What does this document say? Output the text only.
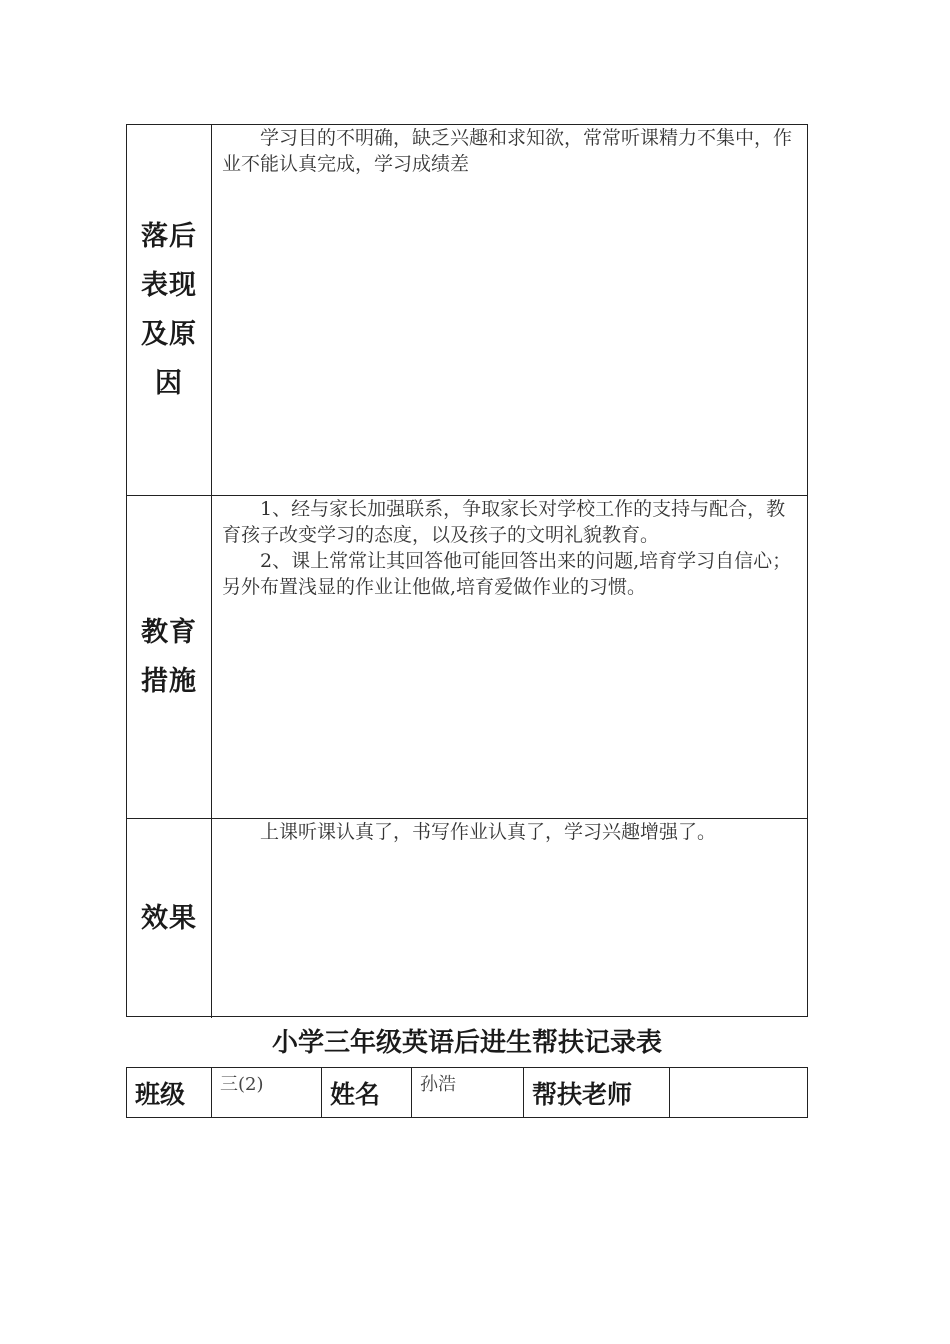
落后表现及原因

学习目的不明确，缺乏兴趣和求知欲，常常听课精力不集中，作业不能认真完成，学习成绩差

教育措施

1、经与家长加强联系，争取家长对学校工作的支持与配合，教育孩子改变学习的态度，以及孩子的文明礼貌教育。

2、课上常常让其回答他可能回答出来的问题,培育学习自信心；另外布置浅显的作业让他做,培育爱做作业的习惯。

效果

上课听课认真了，书写作业认真了，学习兴趣增强了。

小学三年级英语后进生帮扶记录表
班级	三(2)	姓名	孙浩	帮扶老师
